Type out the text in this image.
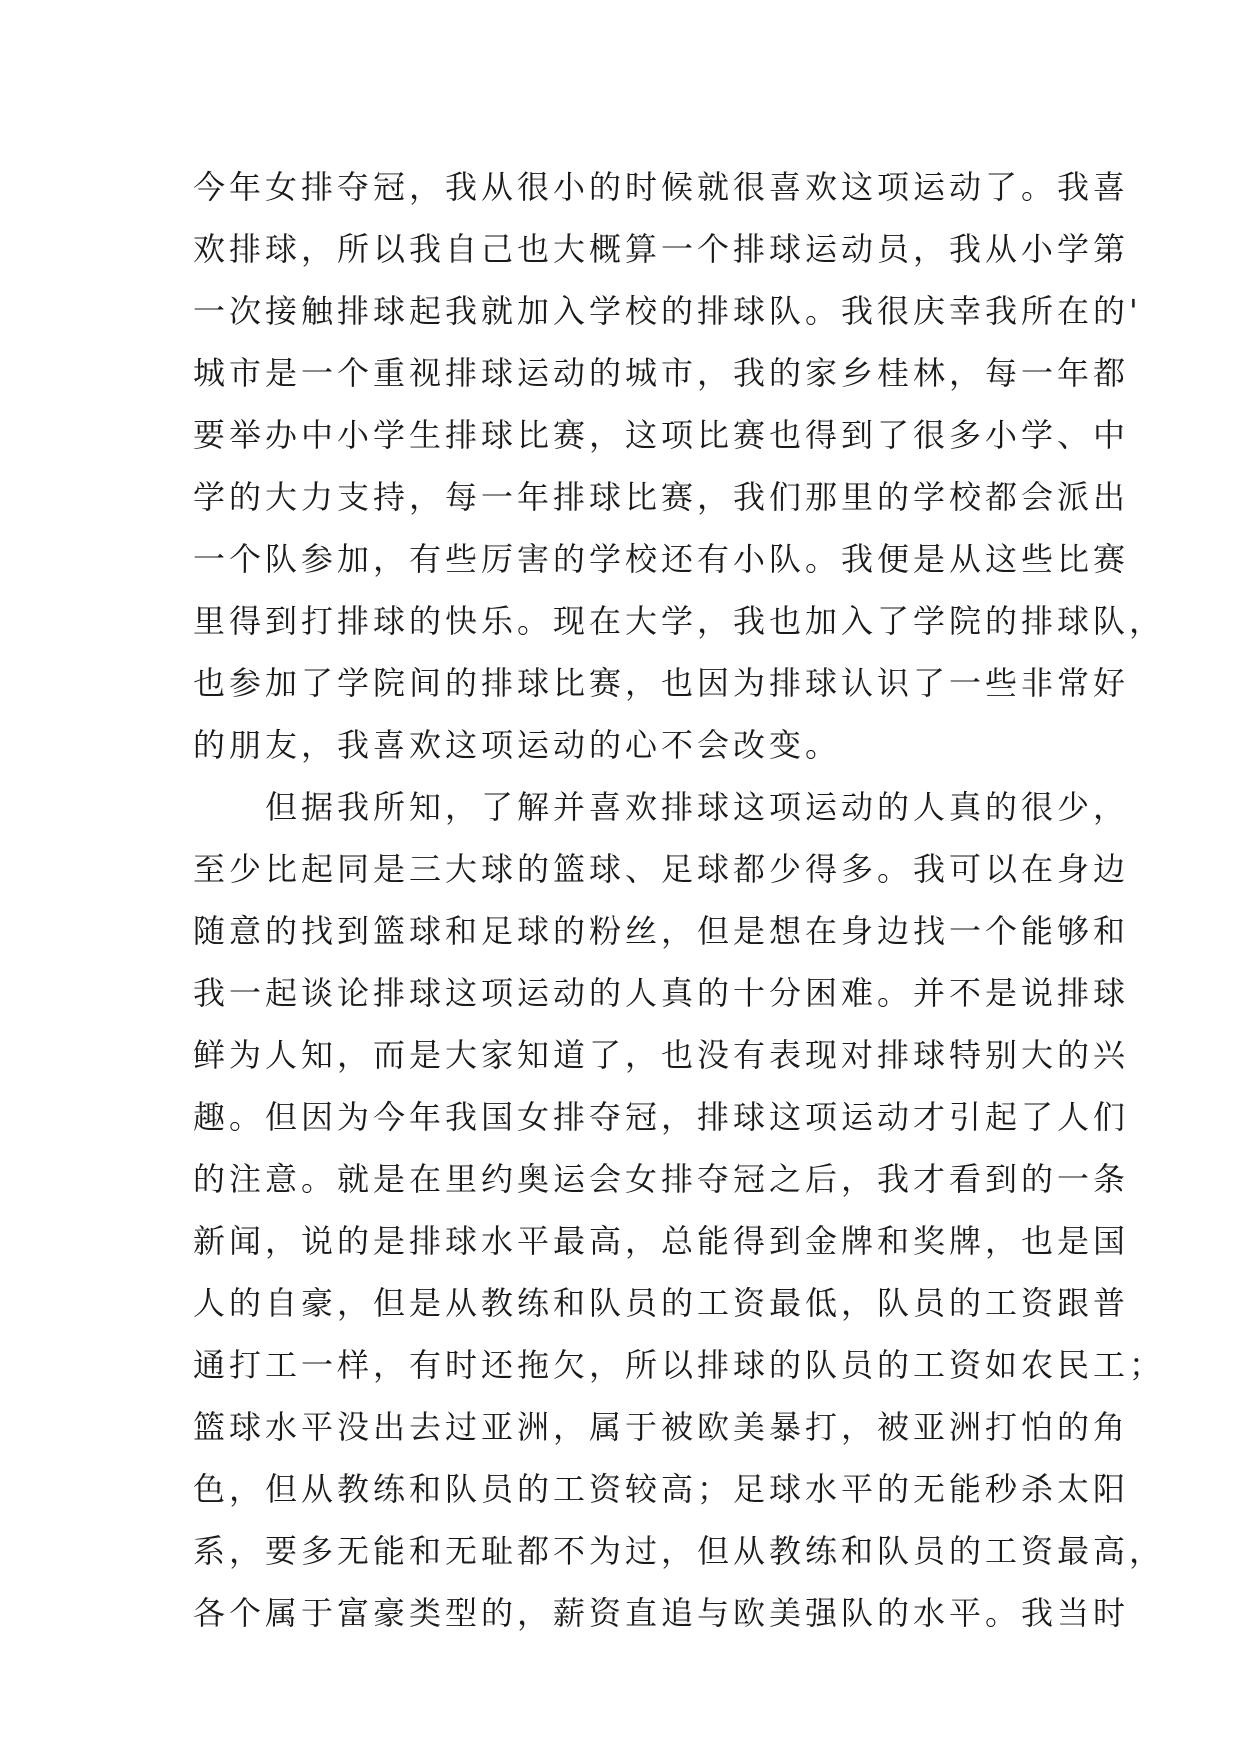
今年女排夺冠，我从很小的时候就很喜欢这项运动了。我喜
欢排球，所以我自己也大概算一个排球运动员，我从小学第
一次接触排球起我就加入学校的排球队。我很庆幸我所在的'
城市是一个重视排球运动的城市，我的家乡桂林，每一年都
要举办中小学生排球比赛，这项比赛也得到了很多小学、中
学的大力支持，每一年排球比赛，我们那里的学校都会派出
一个队参加，有些厉害的学校还有小队。我便是从这些比赛
里得到打排球的快乐。现在大学，我也加入了学院的排球队，
也参加了学院间的排球比赛，也因为排球认识了一些非常好
的朋友，我喜欢这项运动的心不会改变。
　　但据我所知，了解并喜欢排球这项运动的人真的很少，
至少比起同是三大球的篮球、足球都少得多。我可以在身边
随意的找到篮球和足球的粉丝，但是想在身边找一个能够和
我一起谈论排球这项运动的人真的十分困难。并不是说排球
鲜为人知，而是大家知道了，也没有表现对排球特别大的兴
趣。但因为今年我国女排夺冠，排球这项运动才引起了人们
的注意。就是在里约奥运会女排夺冠之后，我才看到的一条
新闻，说的是排球水平最高，总能得到金牌和奖牌，也是国
人的自豪，但是从教练和队员的工资最低，队员的工资跟普
通打工一样，有时还拖欠，所以排球的队员的工资如农民工；
篮球水平没出去过亚洲，属于被欧美暴打，被亚洲打怕的角
色，但从教练和队员的工资较高；足球水平的无能秒杀太阳
系，要多无能和无耻都不为过，但从教练和队员的工资最高，
各个属于富豪类型的，薪资直追与欧美强队的水平。我当时
